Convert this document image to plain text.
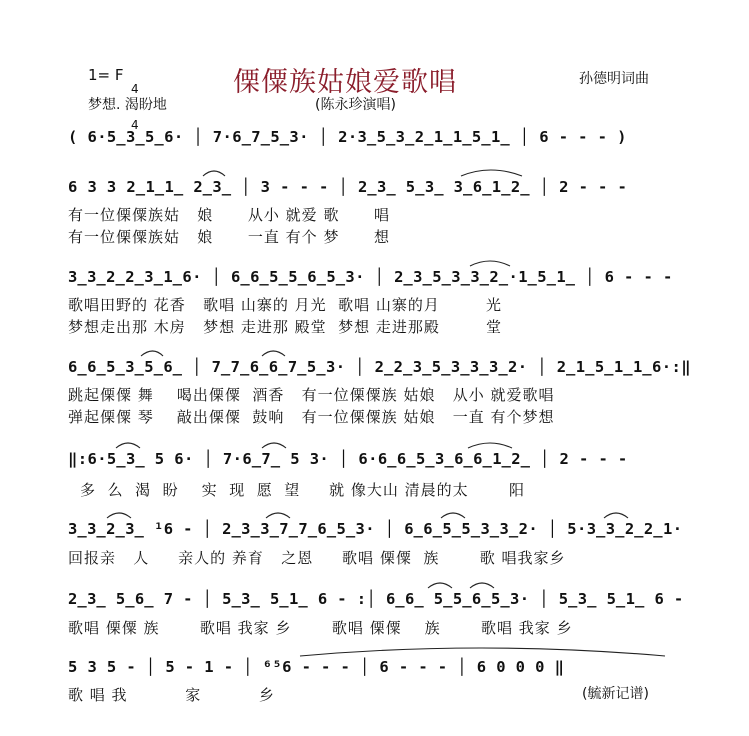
1= F

4

4

傈僳族姑娘爱歌唱	孙德明词曲
梦想. 渴盼地	(陈永珍演唱)
( 6·5̲3̲5̲6· │ 7·6̲7̲5̲3· │ 2·3̲5̲3̲2̲1̲1̲5̲1̲ │ 6 - - - )
6 3 3 2̲1̲1̲ 2̲3̲ │ 3 - - - │ 2̲3̲ 5̲3̲ 3̲6̲1̲2̲ │ 2 - - -
有一位傈僳族姑   娘      从小 就爱 歌      唱
有一位傈僳族姑   娘      一直 有个 梦      想
3̲3̲2̲2̲3̲1̲6· │ 6̲6̲5̲5̲6̲5̲3· │ 2̲3̲5̲3̲3̲2̲·1̲5̲1̲ │ 6 - - -
歌唱田野的 花香   歌唱 山寨的 月光  歌唱 山寨的月        光
梦想走出那 木房   梦想 走进那 殿堂  梦想 走进那殿        堂
6̲6̲5̲3̲5̲6̲ │ 7̲7̲6̲6̲7̲5̲3· │ 2̲2̲3̲5̲3̲3̲3̲2· │ 2̲1̲5̲1̲1̲6·:‖
跳起傈僳 舞    喝出傈僳  酒香   有一位傈僳族 姑娘   从小 就爱歌唱
弹起傈僳 琴    敲出傈僳  鼓响   有一位傈僳族 姑娘   一直 有个梦想
‖:6·5̲3̲ 5 6· │ 7·6̲7̲ 5 3· │ 6·6̲6̲5̲3̲6̲6̲1̲2̲ │ 2 - - -
多  么  渴  盼    实  现  愿  望     就 像大山 清晨的太       阳
3̲3̲2̲3̲ ¹6 - │ 2̲3̲3̲7̲7̲6̲5̲3· │ 6̲6̲5̲5̲3̲3̲2· │ 5·3̲3̲2̲2̲1·
回报亲   人     亲人的 养育   之恩     歌唱 傈僳  族       歌 唱我家乡
2̲3̲ 5̲6̲ 7 - │ 5̲3̲ 5̲1̲ 6 - :│ 6̲6̲ 5̲5̲6̲5̲3· │ 5̲3̲ 5̲1̲ 6 -
歌唱 傈僳 族       歌唱 我家 乡       歌唱 傈僳    族       歌唱 我家 乡
5 3 5 - │ 5 - 1 - │ ⁶⁵6 - - - │ 6 - - - │ 6 0 0 0 ‖
歌 唱 我          家          乡	(毓新记谱)
